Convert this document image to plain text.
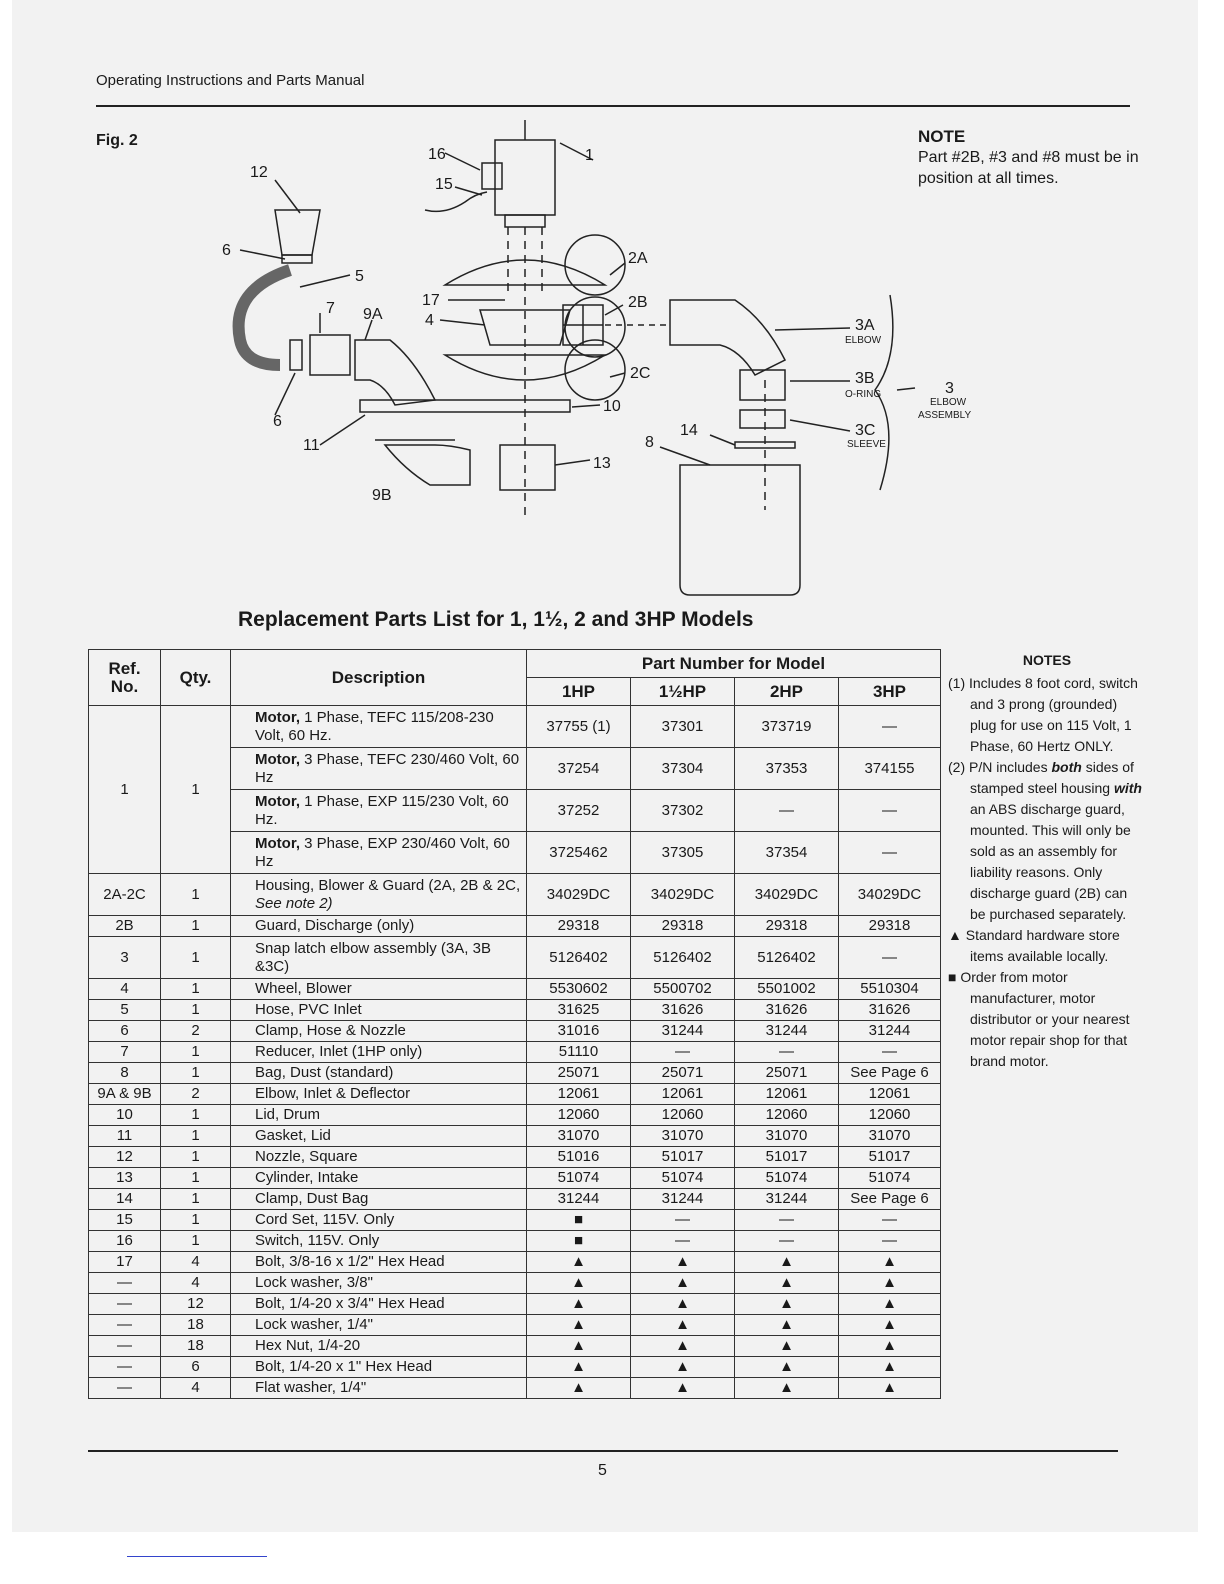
Operating Instructions and Parts Manual
Fig. 2	NOTE
Part #2B, #3 and #8 must be in position at all times.
16	1
12
15
2A
6
5
17	2B
7 9A	4	3A
ELBOW
3B
O-RING	3
ELBOW
ASSEMBLY
2C
10
6
11
14	3C
SLEEVE
8
13
9B
Replacement Parts List for 1, 1½, 2 and 3HP Models
Ref. No.	Qty.	Description	Part Number for Model			
			1HP	1½HP	2HP	3HP
1	1	Motor, 1 Phase, TEFC 115/208-230 Volt, 60 Hz.	37755 (1)	37301	373719	—
		Motor, 3 Phase, TEFC 230/460 Volt, 60 Hz	37254	37304	37353	374155
		Motor, 1 Phase, EXP 115/230 Volt, 60 Hz.	37252	37302	—	—
		Motor, 3 Phase, EXP 230/460 Volt, 60 Hz	3725462	37305	37354	—
2A-2C	1	Housing, Blower & Guard (2A, 2B & 2C, See note 2)	34029DC	34029DC	34029DC	34029DC
2B	1	Guard, Discharge (only)	29318	29318	29318	29318
3	1	Snap latch elbow assembly (3A, 3B &3C)	5126402	5126402	5126402	—
4	1	Wheel, Blower	5530602	5500702	5501002	5510304
5	1	Hose, PVC Inlet	31625	31626	31626	31626
6	2	Clamp, Hose & Nozzle	31016	31244	31244	31244
7	1	Reducer, Inlet (1HP only)	51110	—	—	—
8	1	Bag, Dust (standard)	25071	25071	25071	See Page 6
9A & 9B	2	Elbow, Inlet & Deflector	12061	12061	12061	12061
10	1	Lid, Drum	12060	12060	12060	12060
11	1	Gasket, Lid	31070	31070	31070	31070
12	1	Nozzle, Square	51016	51017	51017	51017
13	1	Cylinder, Intake	51074	51074	51074	51074
14	1	Clamp, Dust Bag	31244	31244	31244	See Page 6
15	1	Cord Set, 115V. Only	■	—	—	—
16	1	Switch, 115V. Only	■	—	—	—
17	4	Bolt, 3/8-16 x 1/2" Hex Head	▲	▲	▲	▲
—	4	Lock washer, 3/8"	▲	▲	▲	▲
—	12	Bolt, 1/4-20 x 3/4" Hex Head	▲	▲	▲	▲
—	18	Lock washer, 1/4"	▲	▲	▲	▲
—	18	Hex Nut, 1/4-20	▲	▲	▲	▲
—	6	Bolt, 1/4-20 x 1" Hex Head	▲	▲	▲	▲
—	4	Flat washer, 1/4"	▲	▲	▲	▲
NOTES

(1) Includes 8 foot cord, switch and 3 prong (grounded) plug for use on 115 Volt, 1 Phase, 60 Hertz ONLY.

(2) P/N includes both sides of stamped steel housing with an ABS discharge guard, mounted. This will only be sold as an assembly for liability reasons. Only discharge guard (2B) can be purchased separately.

▲ Standard hardware store items available locally.

■ Order from motor manufacturer, motor distributor or your nearest motor repair shop for that brand motor.

5
